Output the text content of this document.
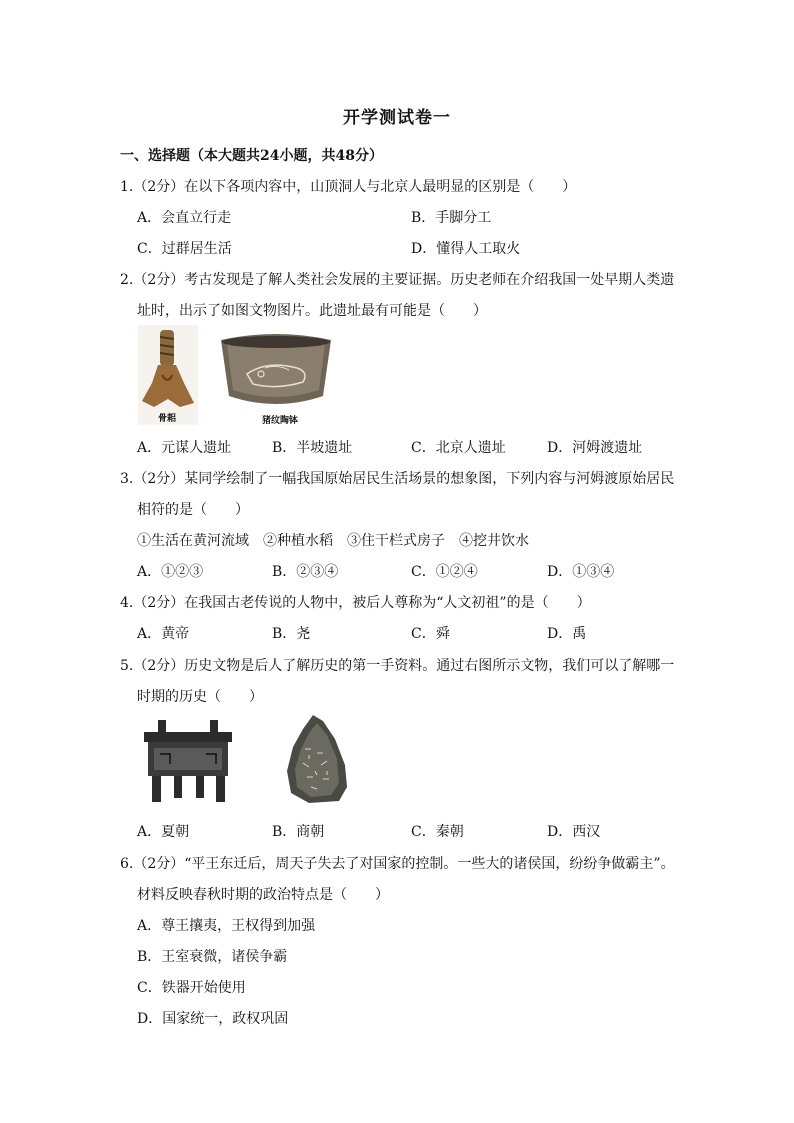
开学测试卷一
一、选择题（本大题共24小题，共48分）
1.（2分）在以下各项内容中，山顶洞人与北京人最明显的区别是（　　）
A．会直立行走	B．手脚分工
C．过群居生活	D．懂得人工取火
2.（2分）考古发现是了解人类社会发展的主要证据。历史老师在介绍我国一处早期人类遗
址时，出示了如图文物图片。此遗址最有可能是（　　）
骨耜	猪纹陶钵
A．元谋人遗址	B．半坡遗址	C．北京人遗址	D．河姆渡遗址
3.（2分）某同学绘制了一幅我国原始居民生活场景的想象图，下列内容与河姆渡原始居民
相符的是（　　）
①生活在黄河流域　②种植水稻　③住干栏式房子　④挖井饮水
A．①②③	B．②③④	C．①②④	D．①③④
4.（2分）在我国古老传说的人物中，被后人尊称为“人文初祖”的是（　　）
A．黄帝	B．尧	C．舜	D．禹
5.（2分）历史文物是后人了解历史的第一手资料。通过右图所示文物，我们可以了解哪一
时期的历史（　　）
A．夏朝	B．商朝	C．秦朝	D．西汉
6.（2分）“平王东迁后，周天子失去了对国家的控制。一些大的诸侯国，纷纷争做霸主”。
材料反映春秋时期的政治特点是（　　）
A．尊王攘夷，王权得到加强
B．王室衰微，诸侯争霸
C．铁器开始使用
D．国家统一，政权巩固
